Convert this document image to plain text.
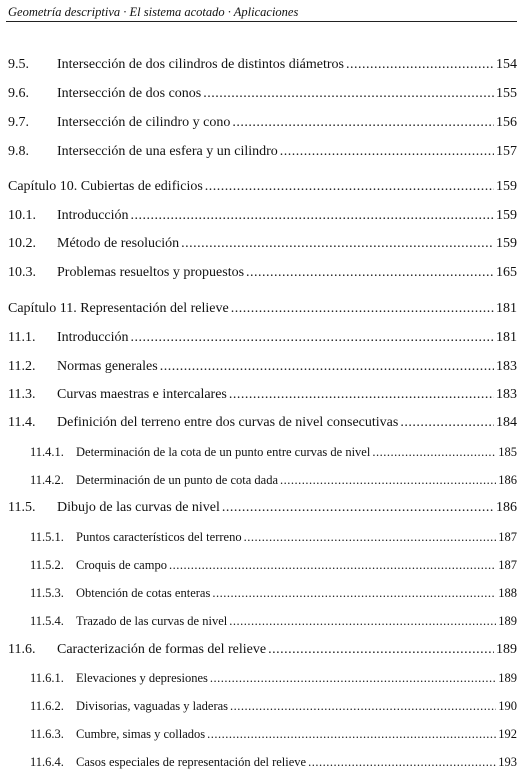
Geometría descriptiva · El sistema acotado · Aplicaciones
9.5.	Intersección de dos cilindros de distintos diámetros .....	154
9.6.	Intersección de dos conos .....	155
9.7.	Intersección de cilindro y cono .....	156
9.8.	Intersección de una esfera y un cilindro .....	157
Capítulo 10. Cubiertas de edificios .....	159
10.1.	Introducción .....	159
10.2.	Método de resolución .....	159
10.3.	Problemas resueltos y propuestos .....	165
Capítulo 11. Representación del relieve .....	181
11.1.	Introducción .....	181
11.2.	Normas generales .....	183
11.3.	Curvas maestras e intercalares .....	183
11.4.	Definición del terreno entre dos curvas de nivel consecutivas .....	184
11.4.1. Determinación de la cota de un punto entre curvas de nivel .....	185
11.4.2. Determinación de un punto de cota dada .....	186
11.5.	Dibujo de las curvas de nivel .....	186
11.5.1. Puntos característicos del terreno .....	187
11.5.2. Croquis de campo .....	187
11.5.3. Obtención de cotas enteras .....	188
11.5.4. Trazado de las curvas de nivel .....	189
11.6.	Caracterización de formas del relieve .....	189
11.6.1. Elevaciones y depresiones .....	189
11.6.2. Divisorias, vaguadas y laderas .....	190
11.6.3. Cumbre, simas y collados .....	192
11.6.4. Casos especiales de representación del relieve .....	193
